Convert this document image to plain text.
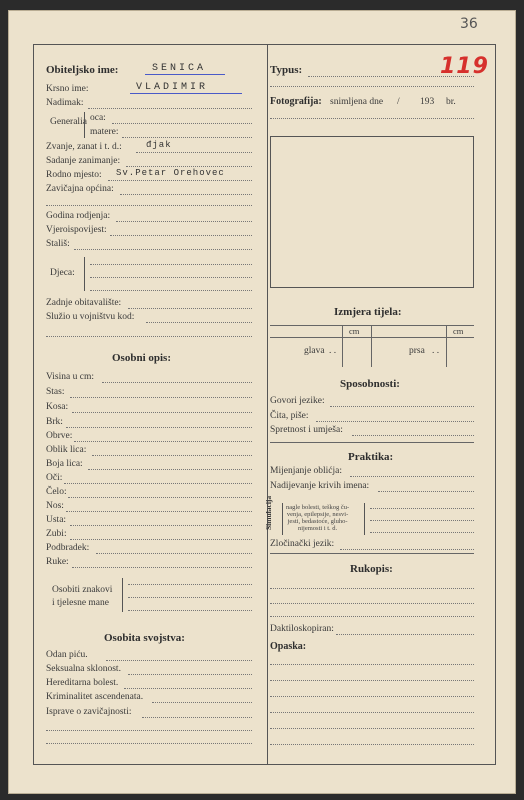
36
119
Obiteljsko ime:	SENICA
Krsno ime:	VLADIMIR
Nadimak:
Generalia oca:
matere:
Zvanje, zanat i t. d.:	đjak
Sadanje zanimanje:
Rodno mjesto: Sv.Petar Orehovec
Zavičajna općina:
Godina rodjenja:
Vjeroispovijest:
Stališ:
Djeca:
Zadnje obitavalište:
Služio u vojništvu kod:
Osobni opis:
Visina u cm:
Stas:
Kosa:
Brk:
Obrve:
Oblik lica:
Boja lica:
Oči:
Čelo:
Nos:
Usta:
Zubi:
Podbradek:
Ruke:
Osobiti znakovi
i tjelesne mane
Osobita svojstva:
Odan piću.
Seksualna sklonost.
Hereditarna bolest.
Kriminalitet ascendenata.
Isprave o zavičajnosti:
Typus:
Fotografija: snimljena dne / 193 br.
Izmjera tijela:
cm	cm
glava . .	prsa . .
Sposobnosti:
Govori jezike:
Čita, piše:
Spretnost i umješa:
Praktika:
Mijenjanje oblićja:
Nadijevanje krivih imena:
Simulacija nagle bolesti, teškog ču-
venja, epilepsije, nesvi-
jesti, bedastoće, gluho-
nijemosti i t. d.
Zločinački jezik:
Rukopis:
Daktiloskopiran:
Opaska:
